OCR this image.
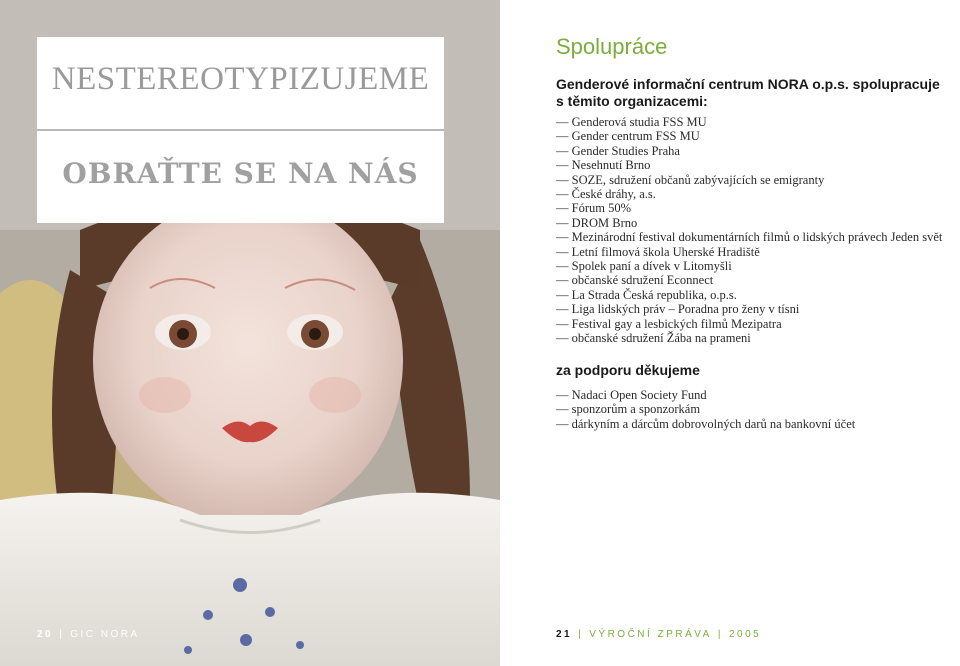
NESTEREOTYPIZUJEME
OBRAŤTE SE NA NÁS
20 | GIC NORA
Spolupráce
Genderové informační centrum NORA o.p.s. spolupracuje
s těmito organizacemi:
— Genderová studia FSS MU
— Gender centrum FSS MU
— Gender Studies Praha
— Nesehnutí Brno
— SOZE, sdružení občanů zabývajících se emigranty
— České dráhy, a.s.
— Fórum 50%
— DROM Brno
— Mezinárodní festival dokumentárních filmů o lidských právech Jeden svět
— Letní filmová škola Uherské Hradiště
— Spolek paní a dívek v Litomyšli
— občanské sdružení Econnect
— La Strada Česká republika, o.p.s.
— Liga lidských práv – Poradna pro ženy v tísni
— Festival gay a lesbických filmů Mezipatra
— občanské sdružení Žába na prameni
za podporu děkujeme
— Nadaci Open Society Fund
— sponzorům a sponzorkám
— dárkyním a dárcům dobrovolných darů na bankovní účet
21 | VÝROČNÍ ZPRÁVA | 2005
